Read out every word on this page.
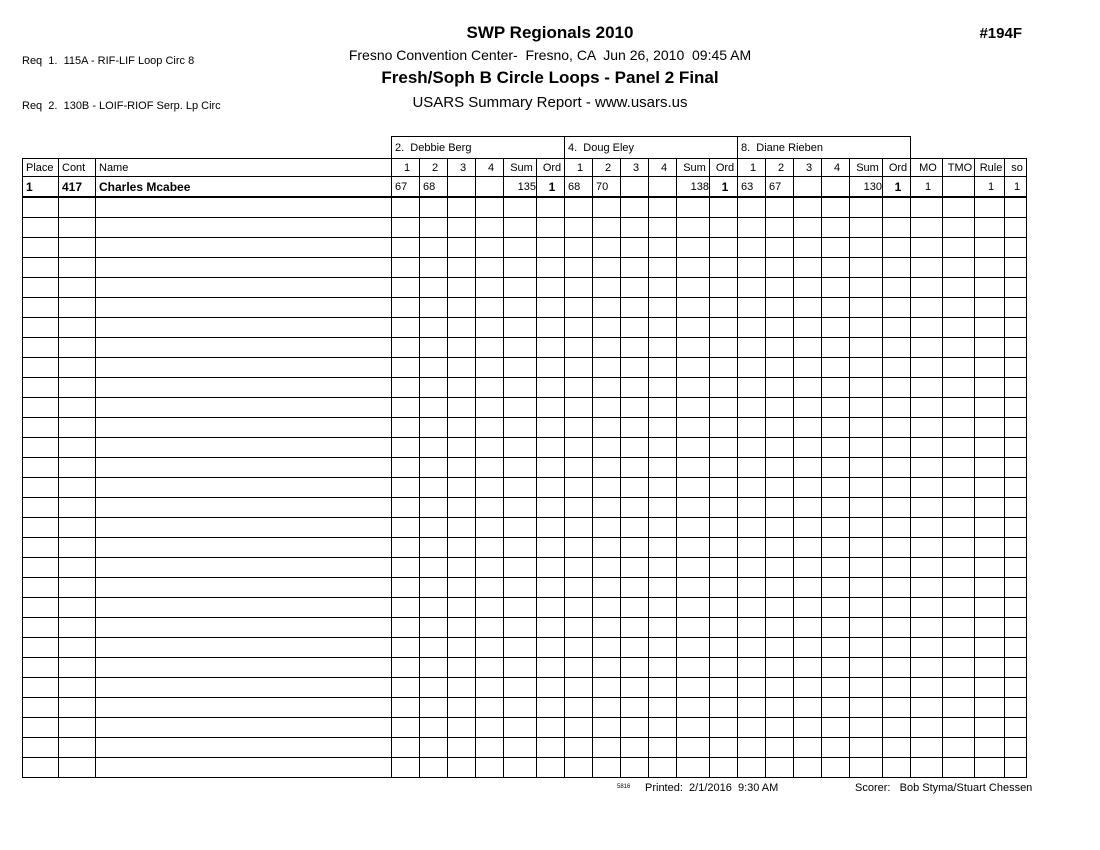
Req  1.  115A - RIF-LIF Loop Circ 8

Req  2.  130B - LOIF-RIOF Serp. Lp Circ

#194F
SWP Regionals 2010
Fresno Convention Center-  Fresno, CA  Jun 26, 2010  09:45 AM
Fresh/Soph B Circle Loops - Panel 2 Final
USARS Summary Report - www.usars.us
			2.  Debbie Berg						4.  Doug Eley						8.  Diane Rieben									
Place	Cont	Name	1	2	3	4	Sum	Ord	1	2	3	4	Sum	Ord	1	2	3	4	Sum	Ord	MO	TMO	Rule	so
1	417	Charles Mcabee	67	68			135	1	68	70			138	1	63	67			130	1	1		1	1

5816 Printed:  2/1/2016  9:30 AM	Scorer:   Bob Styma/Stuart Chessen
